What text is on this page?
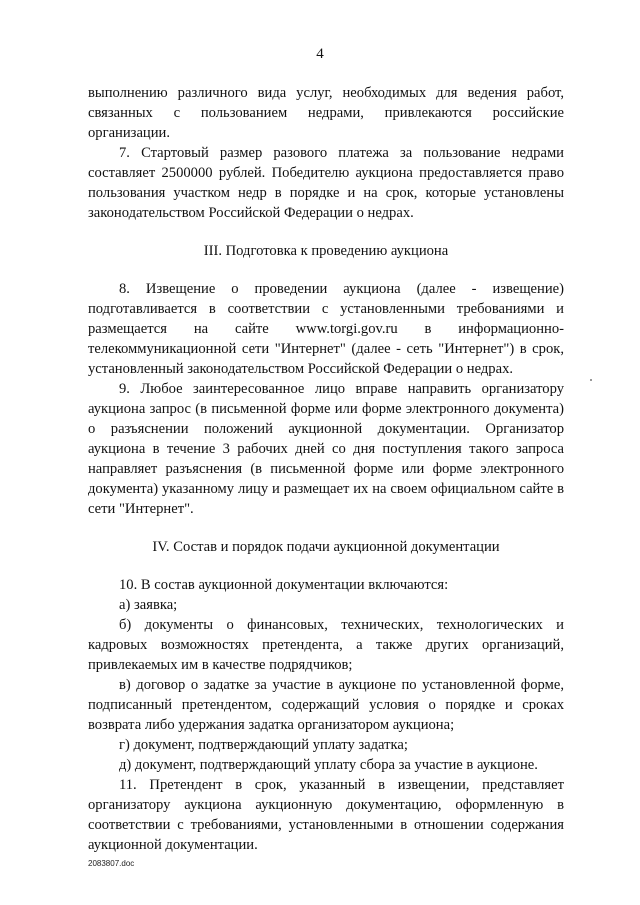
4

выполнению различного вида услуг, необходимых для ведения работ, связанных с пользованием недрами, привлекаются российские организации.

7. Стартовый размер разового платежа за пользование недрами составляет 2500000 рублей. Победителю аукциона предоставляется право пользования участком недр в порядке и на срок, которые установлены законодательством Российской Федерации о недрах.

III. Подготовка к проведению аукциона

8. Извещение о проведении аукциона (далее - извещение) подготавливается в соответствии с установленными требованиями и размещается на сайте www.torgi.gov.ru в информационно-телекоммуникационной сети "Интернет" (далее - сеть "Интернет") в срок, установленный законодательством Российской Федерации о недрах.

9. Любое заинтересованное лицо вправе направить организатору аукциона запрос (в письменной форме или форме электронного документа) о разъяснении положений аукционной документации. Организатор аукциона в течение 3 рабочих дней со дня поступления такого запроса направляет разъяснения (в письменной форме или форме электронного документа) указанному лицу и размещает их на своем официальном сайте в сети "Интернет".

IV. Состав и порядок подачи аукционной документации

10. В состав аукционной документации включаются:

а) заявка;

б) документы о финансовых, технических, технологических и кадровых возможностях претендента, а также других организаций, привлекаемых им в качестве подрядчиков;

в) договор о задатке за участие в аукционе по установленной форме, подписанный претендентом, содержащий условия о порядке и сроках возврата либо удержания задатка организатором аукциона;

г) документ, подтверждающий уплату задатка;

д) документ, подтверждающий уплату сбора за участие в аукционе.

11. Претендент в срок, указанный в извещении, представляет организатору аукциона аукционную документацию, оформленную в соответствии с требованиями, установленными в отношении содержания аукционной документации.

2083807.doc
